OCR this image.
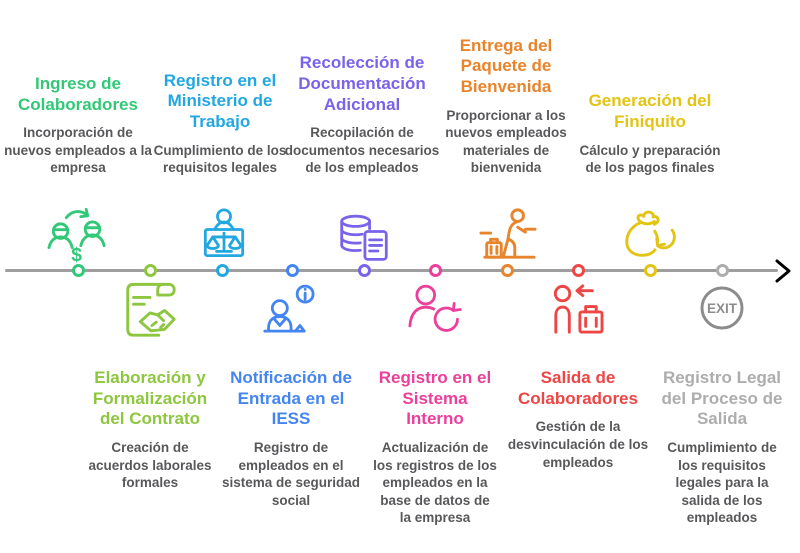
Ingreso de Colaboradores

Incorporación de nuevos empleados a la empresa

Registro en el Ministerio de Trabajo

Cumplimiento de los requisitos legales

Recolección de Documentación Adicional

Recopilación de documentos necesarios de los empleados

Entrega del Paquete de Bienvenida

Proporcionar a los nuevos empleados materiales de bienvenida

Generación del Finiquito

Cálculo y preparación de los pagos finales

Elaboración y Formalización del Contrato

Creación de acuerdos laborales formales

Notificación de Entrada en el IESS

Registro de empleados en el sistema de seguridad social

Registro en el Sistema Interno

Actualización de los registros de los empleados en la base de datos de la empresa

Salida de Colaboradores

Gestión de la desvinculación de los empleados

Registro Legal del Proceso de Salida

Cumplimiento de los requisitos legales para la salida de los empleados

$
EXIT
